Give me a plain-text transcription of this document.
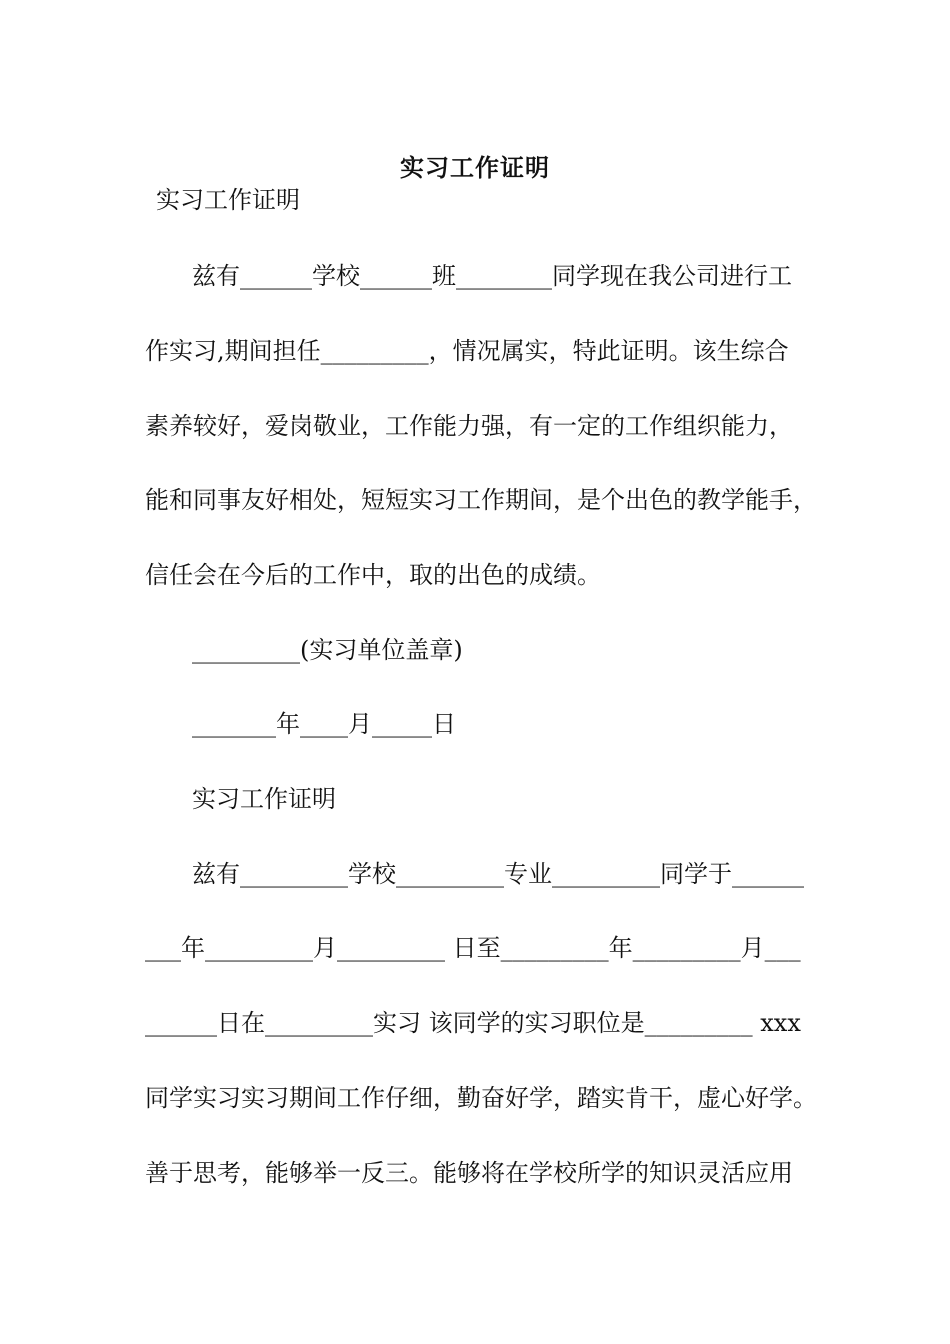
实习工作证明

实习工作证明

兹有______学校______班________同学现在我公司进行工

作实习,期间担任_________，情况属实，特此证明。该生综合

素养较好，爱岗敬业，工作能力强，有一定的工作组织能力，

能和同事友好相处，短短实习工作期间，是个出色的教学能手，

信任会在今后的工作中，取的出色的成绩。

_________(实习单位盖章)

_______年____月_____日

实习工作证明

兹有_________学校_________专业_________同学于______

___年_________月_________ 日至_________年_________月___

______日在_________实习 该同学的实习职位是_________ xxx

同学实习实习期间工作仔细，勤奋好学，踏实肯干，虚心好学。

善于思考，能够举一反三。能够将在学校所学的知识灵活应用
